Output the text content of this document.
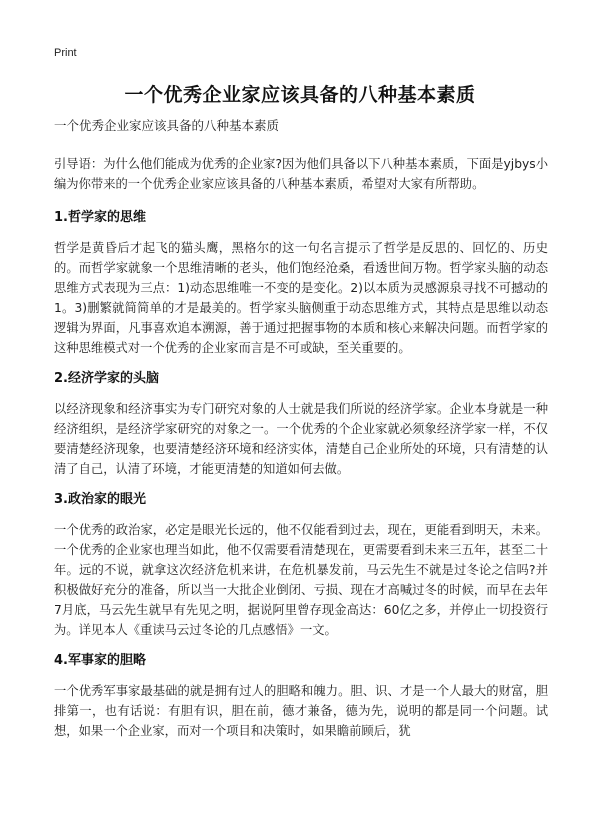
Print
一个优秀企业家应该具备的八种基本素质
一个优秀企业家应该具备的八种基本素质

引导语：为什么他们能成为优秀的企业家?因为他们具备以下八种基本素质，下面是yjbys小编为你带来的一个优秀企业家应该具备的八种基本素质，希望对大家有所帮助。

1.哲学家的思维

哲学是黄昏后才起飞的猫头鹰，黑格尔的这一句名言提示了哲学是反思的、回忆的、历史的。而哲学家就象一个思维清晰的老头，他们饱经沧桑，看透世间万物。哲学家头脑的动态思维方式表现为三点：1)动态思维唯一不变的是变化。2)以本质为灵感源泉寻找不可撼动的1。3)删繁就简简单的才是最美的。哲学家头脑侧重于动态思维方式，其特点是思维以动态逻辑为界面，凡事喜欢追本溯源，善于通过把握事物的本质和核心来解决问题。而哲学家的这种思维模式对一个优秀的企业家而言是不可或缺，至关重要的。

2.经济学家的头脑

以经济现象和经济事实为专门研究对象的人士就是我们所说的经济学家。企业本身就是一种经济组织，是经济学家研究的对象之一。一个优秀的个企业家就必须象经济学家一样，不仅要清楚经济现象，也要清楚经济环境和经济实体，清楚自己企业所处的环境，只有清楚的认清了自己，认清了环境，才能更清楚的知道如何去做。

3.政治家的眼光

一个优秀的政治家，必定是眼光长远的，他不仅能看到过去，现在，更能看到明天，未来。一个优秀的企业家也理当如此，他不仅需要看清楚现在，更需要看到未来三五年，甚至二十年。远的不说，就拿这次经济危机来讲，在危机暴发前，马云先生不就是过冬论之信吗?并积极做好充分的准备，所以当一大批企业倒闭、亏损、现在才高喊过冬的时候，而早在去年7月底，马云先生就早有先见之明，据说阿里曾存现金高达：60亿之多，并停止一切投资行为。详见本人《重读马云过冬论的几点感悟》一文。

4.军事家的胆略

一个优秀军事家最基础的就是拥有过人的胆略和魄力。胆、识、才是一个人最大的财富，胆排第一，也有话说：有胆有识，胆在前，德才兼备，德为先，说明的都是同一个问题。试想，如果一个企业家，而对一个项目和决策时，如果瞻前顾后，犹
